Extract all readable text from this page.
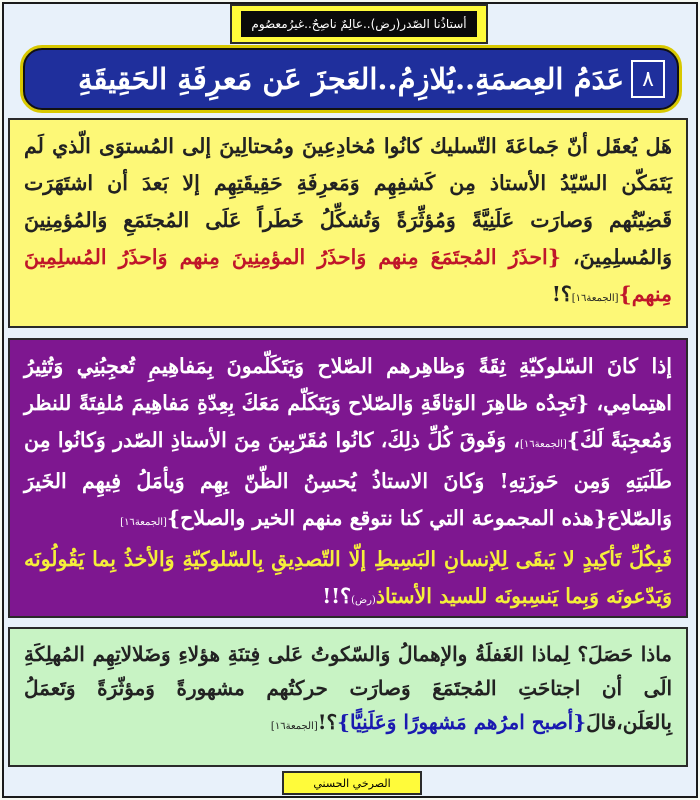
أستاذُنا الصّدر(رض)..عالِمٌ ناصِحٌ..غيرُمعصُوم
٨
عَدَمُ العِصمَةِ..يُلازِمُ..العَجزَ عَن مَعرِفَةِ الحَقِيقَةِ

هَل يُعقَل أنّ جَماعَةَ التّسليك كانُوا مُخادِعِينَ ومُحتالِينَ إلى المُستوَى الّذي لَم يَتَمَكّن السّيّدُ الأستاذ مِن كَشفِهِم وَمَعرِفَةِ حَقِيقَتِهِم إلا بَعدَ أن اشتَهَرَت قَضِيّتُهم وَصارَت عَلَنِيَّةً وَمُؤثِّرَةً وَتُشكِّلُ خَطَراً عَلَى المُجتَمَعِ وَالمُؤمِنِينَ وَالمُسلِمِينَ، {احذَرُ المُجتَمَعَ مِنهم وَاحذَرُ المؤمِنِينَ مِنهم وَاحذَرُ المُسلِمِينَ مِنهم}[الجمعة١٦]؟!

إذا كانَ السّلوكيّةِ ثِقَةً وَظاهِرهم الصّلاح وَيَتَكَلّمونَ بِمَفاهِيمِ تُعجِبُنِي وَتُثِيرُ اهتِمامِي، {تَجِدُه ظاهِرَ الوَثاقَةِ وَالصّلاح وَيَتَكَلّم مَعَكَ بِعِدّةِ مَفاهِيمَ مُلفِتَةً للنظر وَمُعجِبَةً لَكَ}[الجمعة١٦]، وَفَوقَ كُلِّ ذلِكَ، كانُوا مُقَرّبِينَ مِنَ الأستاذِ الصّدر وَكانُوا مِن طَلَبَتِهِ وَمِن حَوزَتِهِ! وَكانَ الاستاذُ يُحسِنُ الظّنّ بِهِم وَيأمَلُ فِيهِم الخَيرَ وَالصّلاحَ{هذه المجموعة التي كنا نتوقع منهم الخير والصلاح}[الجمعة١٦]
فَبِكُلِّ تَأكِيدٍ لا يَبقَى لِلإنسانِ البَسِيطِ إلّا التّصدِيقِ بِالسّلوكيّةِ وَالأخذُ بِما يَقُولُونَه وَيَدّعونَه وَبِما يَنسِبونَه للسيد الأستاذ(رض)؟!!

ماذا حَصَلَ؟ لِماذا الغَفلَةُ والإهمالُ وَالسّكوتُ عَلى فِتنَةِ هؤلاءِ وَضَلالاتِهِم المُهلِكَةِ الَى أن اجتاحَتِ المُجتَمَعَ وَصارَت حركتُهم مشهورةً وَمؤثّرَةً وَتَعمَلُ بِالعَلَن،قالَ{أصبح امرُهم مَشهورًا وَعَلَنِيًّا}؟![الجمعة١٦]

الصرخي الحسني
